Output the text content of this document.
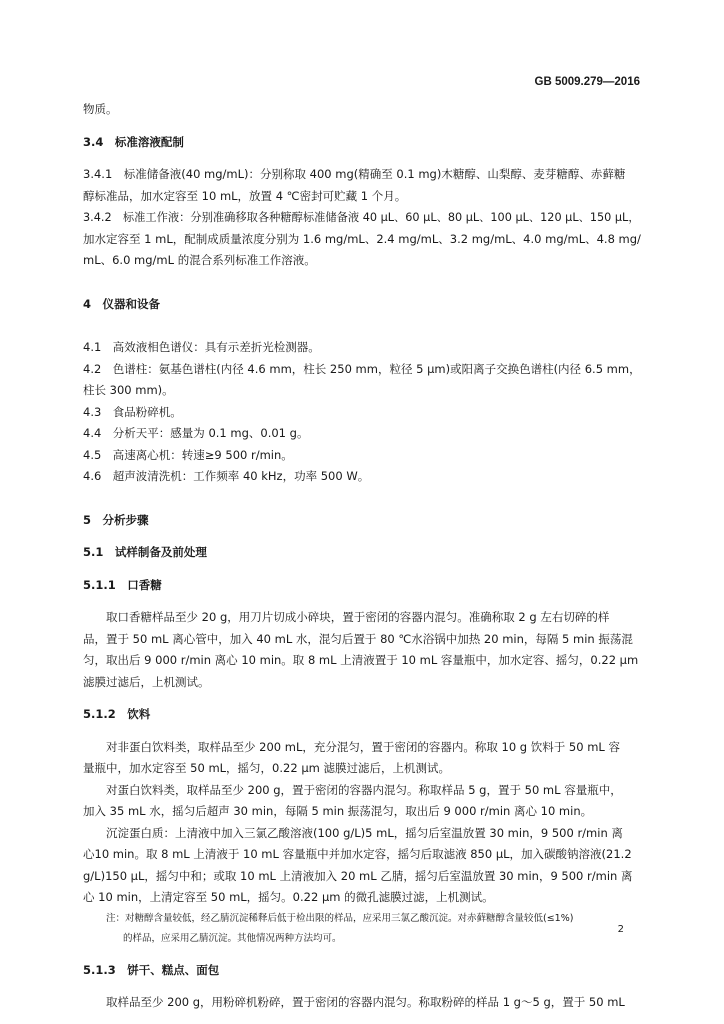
GB 5009.279—2016
物质。
3.4　标准溶液配制
3.4.1　标准储备液(40 mg/mL)：分别称取 400 mg(精确至 0.1 mg)木糖醇、山梨醇、麦芽糖醇、赤藓糖
醇标准品，加水定容至 10 mL，放置 4 ℃密封可贮藏 1 个月。
3.4.2　标准工作液：分别准确移取各种糖醇标准储备液 40 μL、60 μL、80 μL、100 μL、120 μL、150 μL，
加水定容至 1 mL，配制成质量浓度分别为 1.6 mg/mL、2.4 mg/mL、3.2 mg/mL、4.0 mg/mL、4.8 mg/
mL、6.0 mg/mL 的混合系列标准工作溶液。
4　仪器和设备
4.1　高效液相色谱仪：具有示差折光检测器。
4.2　色谱柱：氨基色谱柱(内径 4.6 mm，柱长 250 mm，粒径 5 μm)或阳离子交换色谱柱(内径 6.5 mm，
柱长 300 mm)。
4.3　食品粉碎机。
4.4　分析天平：感量为 0.1 mg、0.01 g。
4.5　高速离心机：转速≥9 500 r/min。
4.6　超声波清洗机：工作频率 40 kHz，功率 500 W。
5　分析步骤
5.1　试样制备及前处理
5.1.1　口香糖
取口香糖样品至少 20 g，用刀片切成小碎块，置于密闭的容器内混匀。准确称取 2 g 左右切碎的样
品，置于 50 mL 离心管中，加入 40 mL 水，混匀后置于 80 ℃水浴锅中加热 20 min，每隔 5 min 振荡混
匀，取出后 9 000 r/min 离心 10 min。取 8 mL 上清液置于 10 mL 容量瓶中，加水定容、摇匀，0.22 μm
滤膜过滤后，上机测试。
5.1.2　饮料
对非蛋白饮料类，取样品至少 200 mL，充分混匀，置于密闭的容器内。称取 10 g 饮料于 50 mL 容
量瓶中，加水定容至 50 mL，摇匀，0.22 μm 滤膜过滤后，上机测试。
对蛋白饮料类，取样品至少 200 g，置于密闭的容器内混匀。称取样品 5 g，置于 50 mL 容量瓶中，
加入 35 mL 水，摇匀后超声 30 min，每隔 5 min 振荡混匀，取出后 9 000 r/min 离心 10 min。
沉淀蛋白质：上清液中加入三氯乙酸溶液(100 g/L)5 mL，摇匀后室温放置 30 min，9 500 r/min 离
心10 min。取 8 mL 上清液于 10 mL 容量瓶中并加水定容，摇匀后取滤液 850 μL，加入碳酸钠溶液(21.2
g/L)150 μL，摇匀中和；或取 10 mL 上清液加入 20 mL 乙腈，摇匀后室温放置 30 min，9 500 r/min 离
心 10 min，上清定容至 50 mL，摇匀。0.22 μm 的微孔滤膜过滤，上机测试。
注：对糖醇含量较低，经乙腈沉淀稀释后低于检出限的样品，应采用三氯乙酸沉淀。对赤藓糖醇含量较低(≤1%)
的样品，应采用乙腈沉淀。其他情况两种方法均可。
5.1.3　饼干、糕点、面包
取样品至少 200 g，用粉碎机粉碎，置于密闭的容器内混匀。称取粉碎的样品 1 g～5 g，置于 50 mL
2
